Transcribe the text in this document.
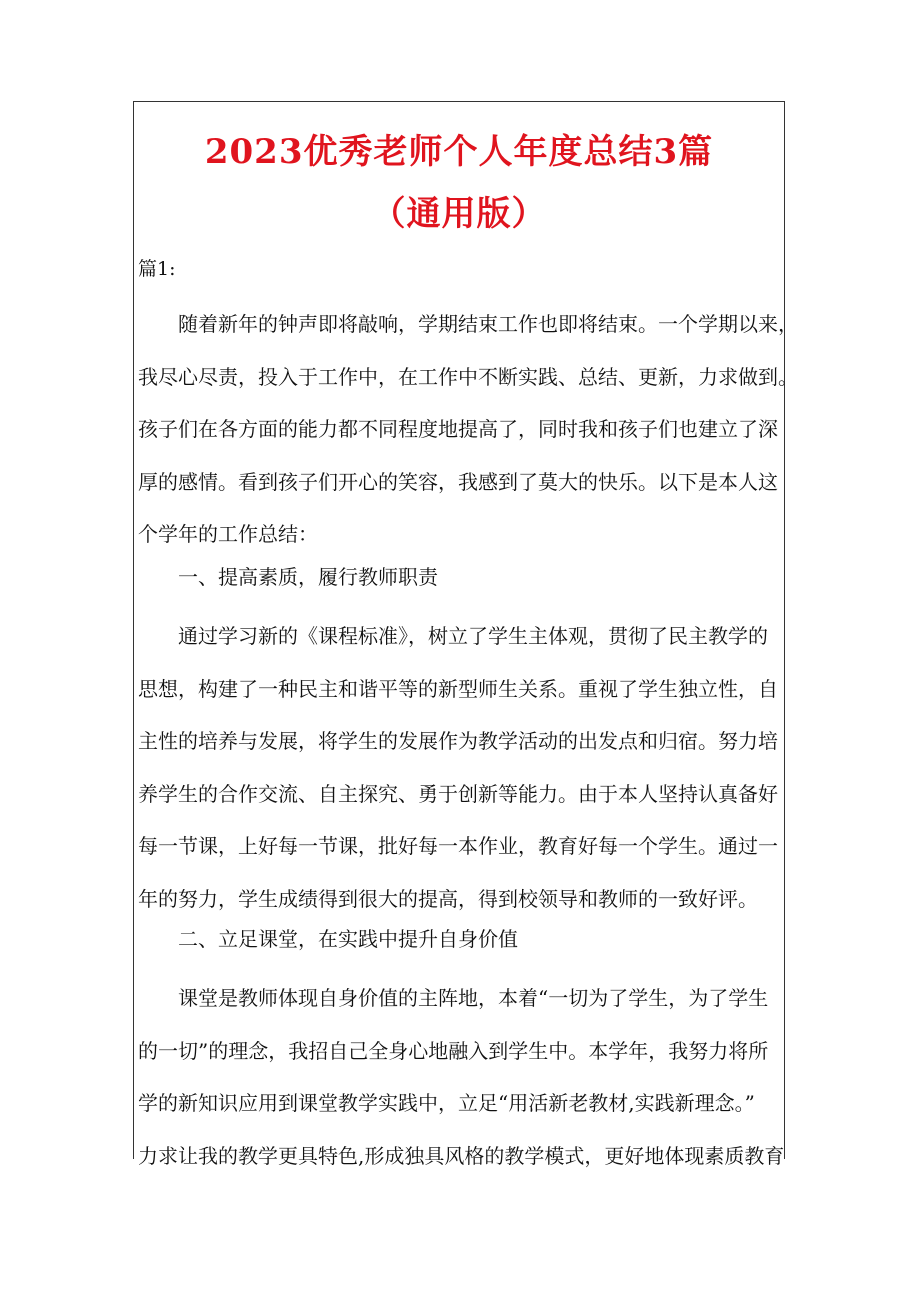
2023优秀老师个人年度总结3篇
（通用版）
篇1:
随着新年的钟声即将敲响，学期结束工作也即将结束。一个学期以来，
我尽心尽责，投入于工作中，在工作中不断实践、总结、更新，力求做到。
孩子们在各方面的能力都不同程度地提高了，同时我和孩子们也建立了深
厚的感情。看到孩子们开心的笑容，我感到了莫大的快乐。以下是本人这
个学年的工作总结：
一、提高素质，履行教师职责
通过学习新的《课程标准》，树立了学生主体观，贯彻了民主教学的
思想，构建了一种民主和谐平等的新型师生关系。重视了学生独立性，自
主性的培养与发展，将学生的发展作为教学活动的出发点和归宿。努力培
养学生的合作交流、自主探究、勇于创新等能力。由于本人坚持认真备好
每一节课，上好每一节课，批好每一本作业，教育好每一个学生。通过一
年的努力，学生成绩得到很大的提高，得到校领导和教师的一致好评。
二、立足课堂，在实践中提升自身价值
课堂是教师体现自身价值的主阵地，本着“一切为了学生，为了学生
的一切”的理念，我招自己全身心地融入到学生中。本学年，我努力将所
学的新知识应用到课堂教学实践中，立足“用活新老教材,实践新理念。”
力求让我的教学更具特色,形成独具风格的教学模式，更好地体现素质教育
